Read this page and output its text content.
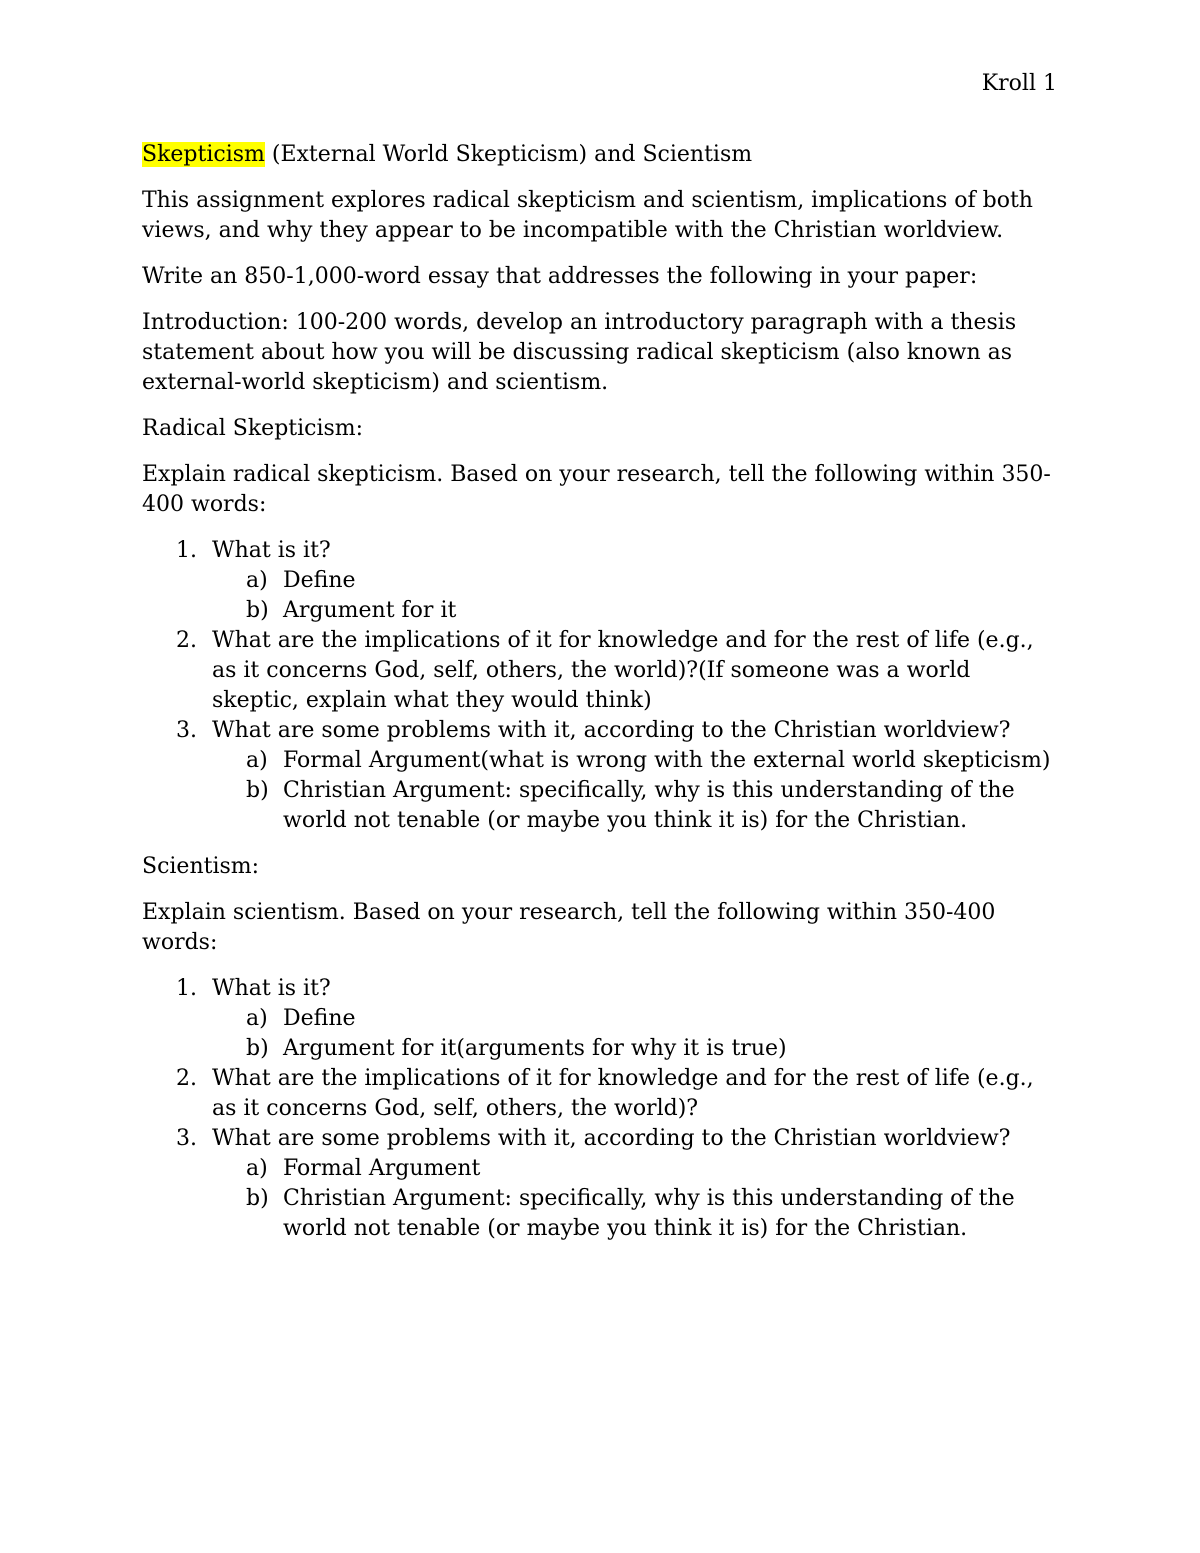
Kroll 1

Skepticism (External World Skepticism) and Scientism

This assignment explores radical skepticism and scientism, implications of both views, and why they appear to be incompatible with the Christian worldview.

Write an 850-1,000-word essay that addresses the following in your paper:

Introduction: 100-200 words, develop an introductory paragraph with a thesis statement about how you will be discussing radical skepticism (also known as external-world skepticism) and scientism.

Radical Skepticism:

Explain radical skepticism. Based on your research, tell the following within 350-400 words:

1. What is it?
a) Define
b) Argument for it
2. What are the implications of it for knowledge and for the rest of life (e.g., as it concerns God, self, others, the world)?(If someone was a world skeptic, explain what they would think)
3. What are some problems with it, according to the Christian worldview?
a) Formal Argument(what is wrong with the external world skepticism)
b) Christian Argument: specifically, why is this understanding of the world not tenable (or maybe you think it is) for the Christian.

Scientism:

Explain scientism. Based on your research, tell the following within 350-400 words:

1. What is it?
a) Define
b) Argument for it(arguments for why it is true)
2. What are the implications of it for knowledge and for the rest of life (e.g., as it concerns God, self, others, the world)?
3. What are some problems with it, according to the Christian worldview?
a) Formal Argument
b) Christian Argument: specifically, why is this understanding of the world not tenable (or maybe you think it is) for the Christian.
